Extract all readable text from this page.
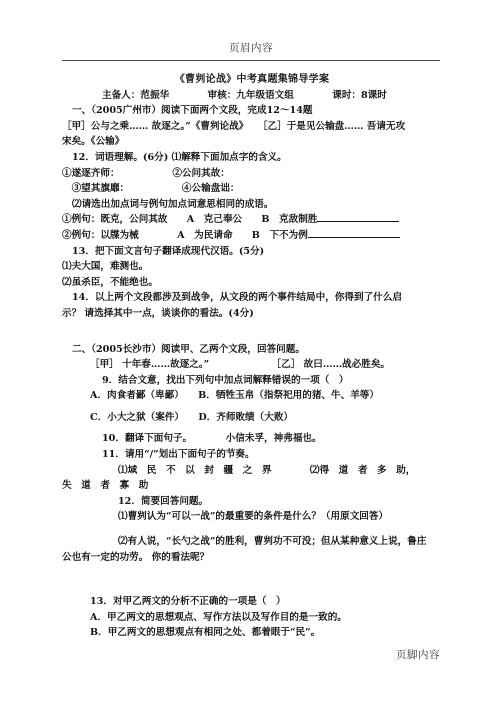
页眉内容
《曹刿论战》中考真题集锦导学案
主备人：范振华　　　　审核：九年级语文组　　　　课时：8课时
一、（2005广州市）阅读下面两个文段，完成12～14题
［甲］公与之乘…… 故逐之。”《曹刿论战》　　［乙］于是见公输盘…… 吾请无攻
宋矣。《公输》
12．词语理解。(6分) ⑴解释下面加点字的含义。
①遂逐齐师：　　　　　　②公问其故：
　③望其旗靡：　　　　　　④公输盘诎：
⑵请选出加点词与例句加点词意思相同的成语。
①例句：既克，公问其故　　A　克己奉公　　B　克敌制胜
②例句：以牒为械　　　　A　为民请命　　B　下不为例
13．把下面文言句子翻译成现代汉语。(5分)
⑴夫大国，难测也。
⑵虽杀臣，不能绝也。
14．以上两个文段都涉及到战争，从文段的两个事件结局中，你得到了什么启
示？ 请选择其中一点，谈谈你的看法。(4分)
二、（2005长沙市）阅读甲、乙两个文段，回答问题。
［甲］ 十年春……故逐之。”　　　　　　　［乙］ 故曰……战必胜矣。
9．结合文意，找出下列句中加点词解释错误的一项（　）
A．肉食者鄙（卑鄙）　　B．牺牲玉帛（指祭祀用的猪、牛、羊等）
C．小大之狱（案件）　　D．齐师败绩（大败）
10．翻译下面句子。　　　　小信未孚，神弗福也。
11．请用“/”划出下面句子的节奏。
⑴域　民　不　以　封　疆　之　界　　　　⑵得　道　者　多　助，
失　道　者　寡　助
12．简要回答问题。
⑴曹刿认为“可以一战”的最重要的条件是什么？（用原文回答）
⑵有人说，“长勺之战”的胜利，曹刿功不可没；但从某种意义上说，鲁庄
公也有一定的功劳。 你的看法呢？
13．对甲乙两文的分析不正确的一项是（　）
A．甲乙两文的思想观点、写作方法以及写作目的是一致的。
B．甲乙两文的思想观点有相同之处、都着眼于“民”。
页脚内容
